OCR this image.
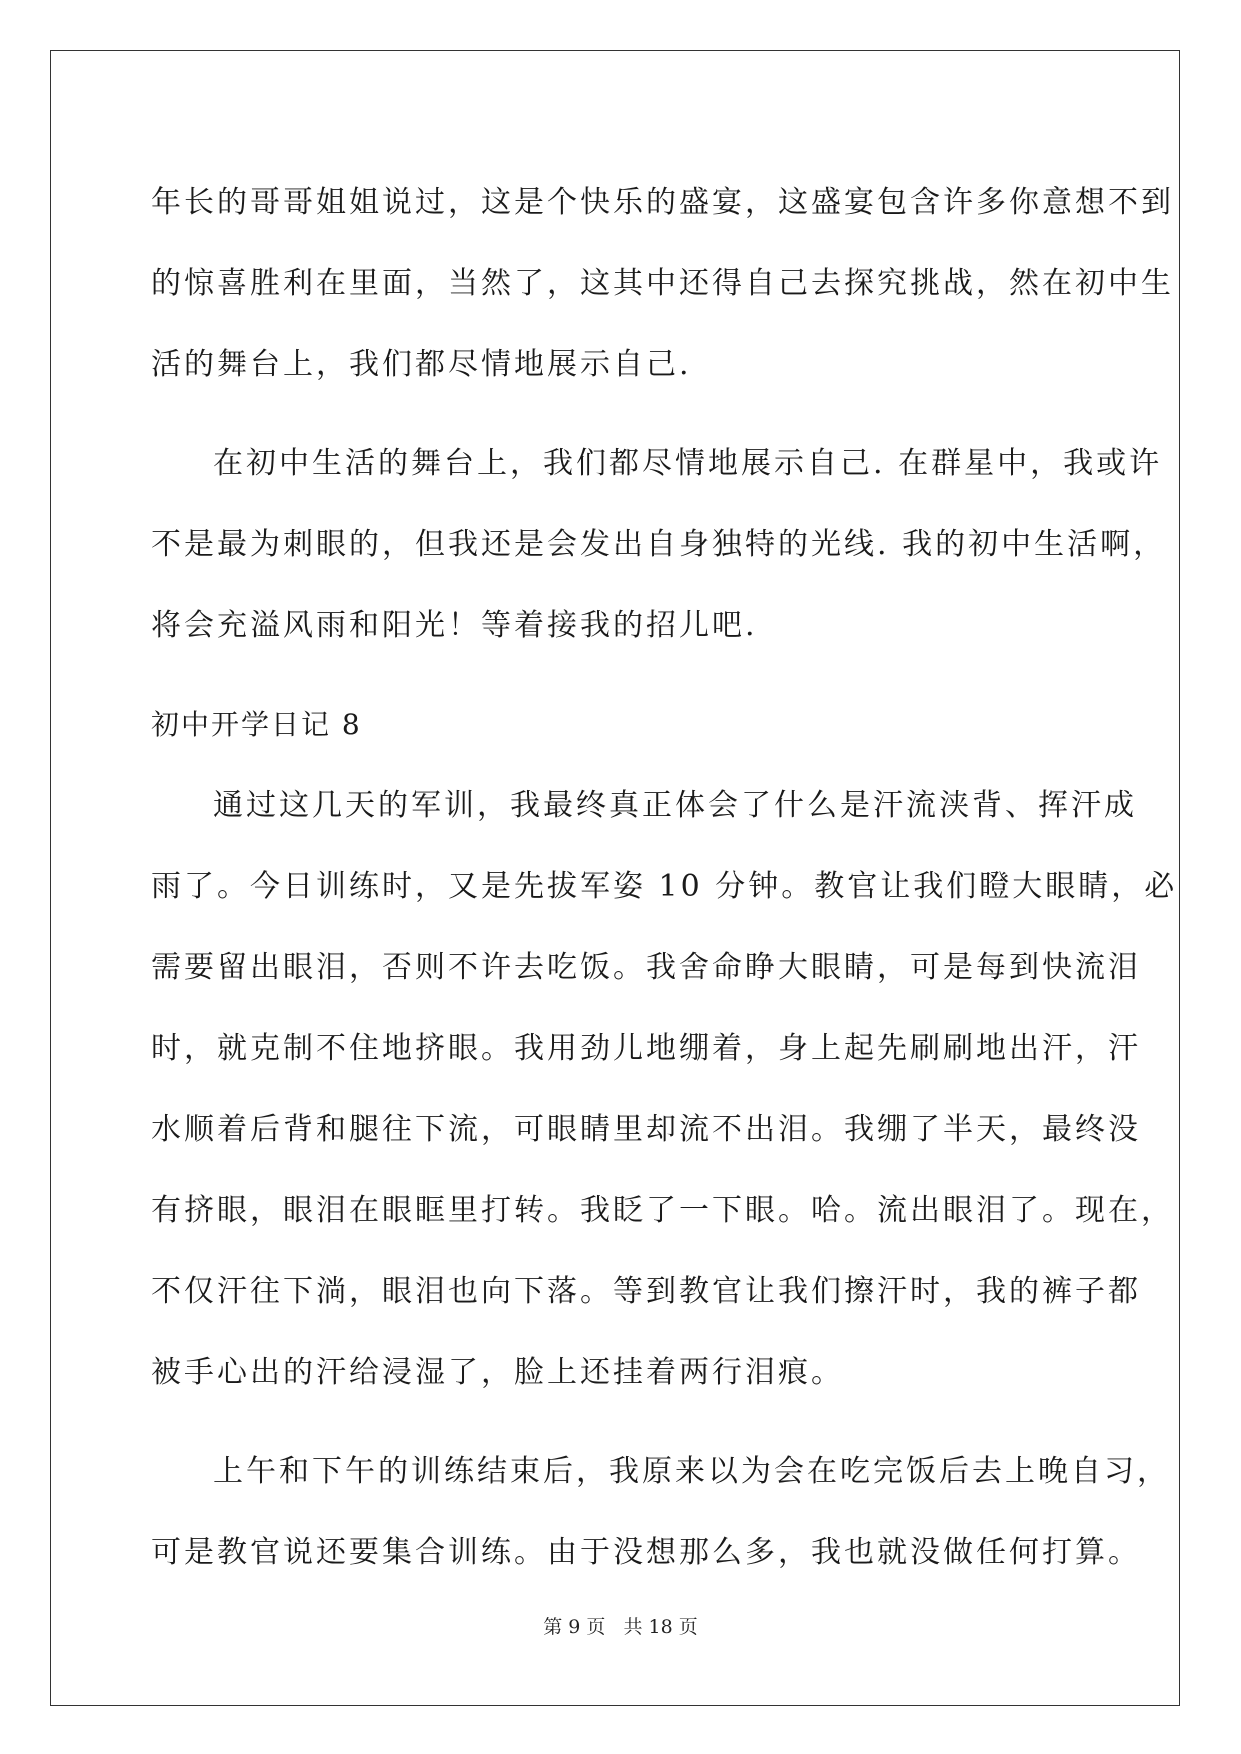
年长的哥哥姐姐说过，这是个快乐的盛宴，这盛宴包含许多你意想不到
的惊喜胜利在里面，当然了，这其中还得自己去探究挑战，然在初中生
活的舞台上，我们都尽情地展示自己.

在初中生活的舞台上，我们都尽情地展示自己. 在群星中，我或许
不是最为刺眼的，但我还是会发出自身独特的光线. 我的初中生活啊，
将会充溢风雨和阳光！等着接我的招儿吧.

初中开学日记 8

通过这几天的军训，我最终真正体会了什么是汗流浃背、挥汗成
雨了。今日训练时，又是先拔军姿 10 分钟。教官让我们瞪大眼睛，必
需要留出眼泪，否则不许去吃饭。我舍命睁大眼睛，可是每到快流泪
时，就克制不住地挤眼。我用劲儿地绷着，身上起先刷刷地出汗，汗
水顺着后背和腿往下流，可眼睛里却流不出泪。我绷了半天，最终没
有挤眼，眼泪在眼眶里打转。我眨了一下眼。哈。流出眼泪了。现在，
不仅汗往下淌，眼泪也向下落。等到教官让我们擦汗时，我的裤子都
被手心出的汗给浸湿了，脸上还挂着两行泪痕。

上午和下午的训练结束后，我原来以为会在吃完饭后去上晚自习，
可是教官说还要集合训练。由于没想那么多，我也就没做任何打算。

第 9 页 共 18 页
